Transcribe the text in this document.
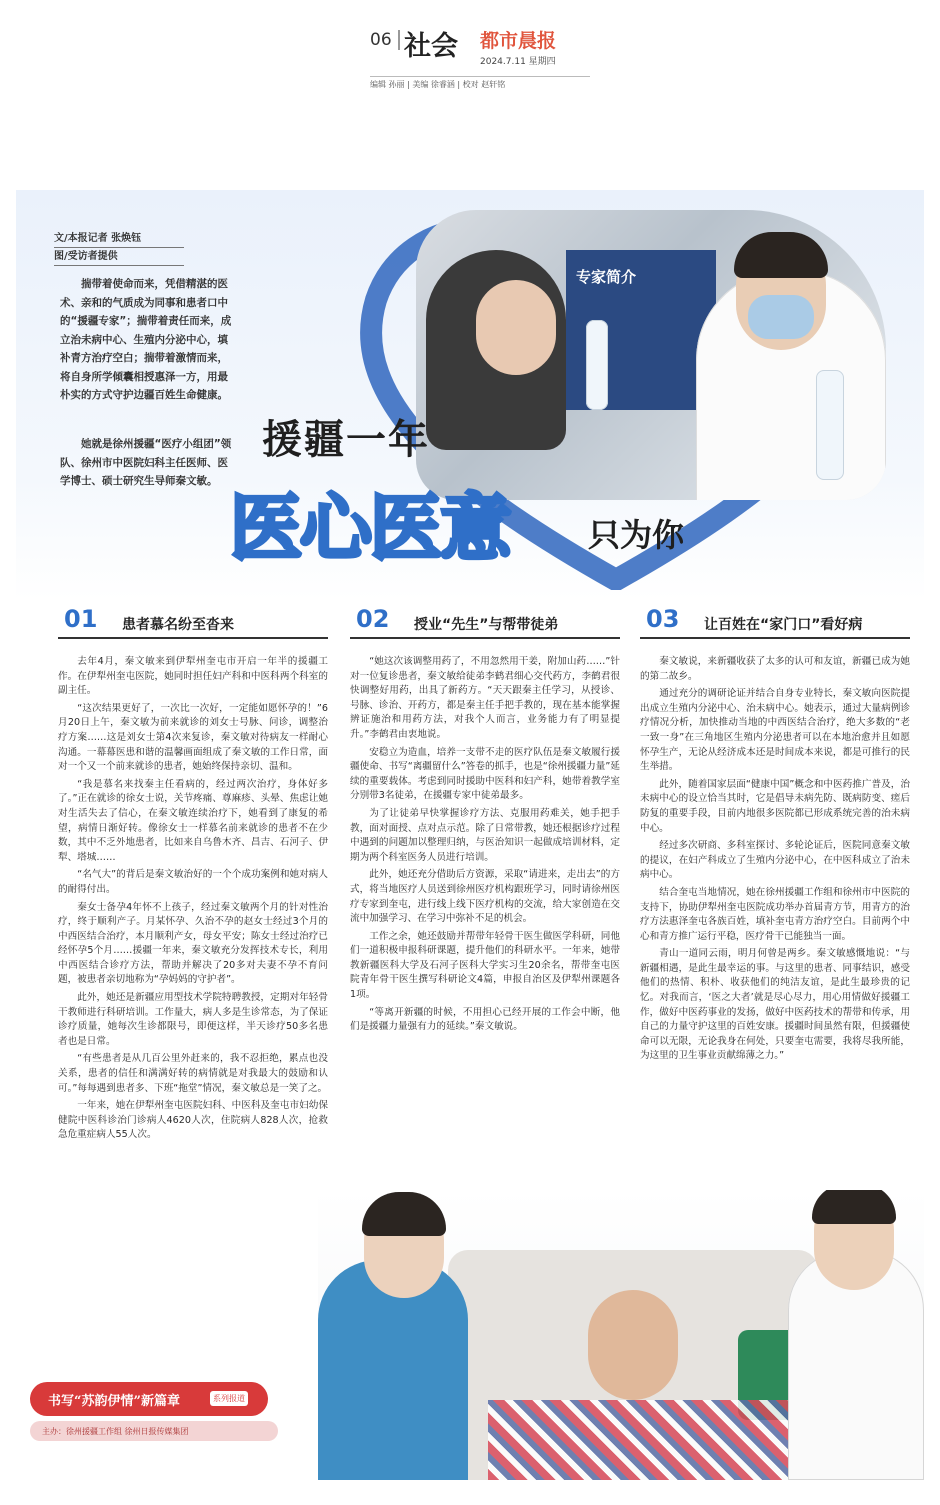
06 社会 都市晨报
2024.7.11 星期四
编辑 孙丽 | 美编 徐睿涵 | 校对 赵轩铭
专家简介
文/本报记者 张焕钰
图/受访者提供

揣带着使命而来，凭借精湛的医术、亲和的气质成为同事和患者口中的“援疆专家”；揣带着责任而来，成立治未病中心、生殖内分泌中心，填补青方治疗空白；揣带着激情而来，将自身所学倾囊相授惠泽一方，用最朴实的方式守护边疆百姓生命健康。

她就是徐州援疆“医疗小组团”领队、徐州市中医院妇科主任医师、医学博士、硕士研究生导师秦文敏。

援疆一年
医心医意 只为你
01 患者慕名纷至沓来

去年4月，秦文敏来到伊犁州奎屯市开启一年半的援疆工作。在伊犁州奎屯医院，她同时担任妇产科和中医科两个科室的副主任。

“这次结果更好了，一次比一次好，一定能如愿怀孕的！”6月20日上午，秦文敏为前来就诊的刘女士号脉、问诊，调整治疗方案……这是刘女士第4次来复诊，秦文敏对待病友一样耐心沟通。一幕幕医患和谐的温馨画面组成了秦文敏的工作日常，面对一个又一个前来就诊的患者，她始终保持亲切、温和。

“我是慕名来找秦主任看病的，经过两次治疗，身体好多了。”正在就诊的徐女士说，关节疼痛、尊麻疹、头晕、焦虑让她对生活失去了信心，在秦文敏连续治疗下，她看到了康复的希望，病情日渐好转。像徐女士一样慕名前来就诊的患者不在少数，其中不乏外地患者，比如来自乌鲁木齐、昌吉、石河子、伊犁、塔城……

“名气大”的背后是秦文敏治好的一个个成功案例和她对病人的耐得付出。

秦女士备孕4年怀不上孩子，经过秦文敏两个月的针对性治疗，终于顺利产子。月某怀孕、久治不孕的赵女士经过3个月的中西医结合治疗，本月顺利产女，母女平安；陈女士经过治疗已经怀孕5个月……援疆一年来，秦文敏充分发挥技术专长，利用中西医结合诊疗方法，帮助并解决了20多对夫妻不孕不育问题，被患者亲切地称为“孕妈妈的守护者”。

此外，她还是新疆应用型技术学院特聘教授，定期对年轻骨干教师进行科研培训。工作量大，病人多是生诊常态，为了保证诊疗质量，她每次生诊都限号，即便这样，半天诊疗50多名患者也是日常。

“有些患者是从几百公里外赶来的，我不忍拒绝，累点也没关系，患者的信任和满满好转的病情就是对我最大的鼓励和认可。”每每遇到患者多、下班“拖堂”情况，秦文敏总是一笑了之。

一年来，她在伊犁州奎屯医院妇科、中医科及奎屯市妇幼保健院中医科诊治门诊病人4620人次，住院病人828人次，抢救急危重症病人55人次。

02 授业“先生”与帮带徒弟

“她这次该调整用药了，不用忽然用干姜，附加山药……”针对一位复诊患者，秦文敏给徒弟李鹤君细心交代药方，李鹤君很快调整好用药，出具了新药方。“天天跟秦主任学习，从授诊、号脉、诊治、开药方，都是秦主任手把手教的，现在基本能掌握辨证施治和用药方法，对我个人而言，业务能力有了明显提升。”李鹤君由衷地说。

安稳立为造血，培养一支带不走的医疗队伍是秦文敏履行援疆使命、书写“离疆留什么”答卷的抓手，也是“徐州援疆力量”延续的重要载体。考虑到同时援助中医科和妇产科，她带着教学室分别带3名徒弟，在援疆专家中徒弟最多。

为了让徒弟早快掌握诊疗方法、克服用药难关，她手把手教，面对面授、点对点示范。除了日常带教，她还根据诊疗过程中遇到的问题加以整理归纳，与医治知识一起做成培训材料，定期为两个科室医务人员进行培训。

此外，她还充分借助后方资源，采取“请进来，走出去”的方式，将当地医疗人员送到徐州医疗机构跟班学习，同时请徐州医疗专家到奎屯，进行线上线下医疗机构的交流，给大家创造在交流中加强学习、在学习中弥补不足的机会。

工作之余，她还鼓励并帮带年轻骨干医生做医学科研，同他们一道积极申报科研课题，提升他们的科研水平。一年来，她带教新疆医科大学及石河子医科大学实习生20余名，帮带奎屯医院青年骨干医生撰写科研论文4篇，申报自治区及伊犁州课题各1项。

“等离开新疆的时候，不用担心已经开展的工作会中断，他们是援疆力量强有力的延续。”秦文敏说。

03 让百姓在“家门口”看好病

秦文敏说，来新疆收获了太多的认可和友谊，新疆已成为她的第二故乡。

通过充分的调研论证并结合自身专业特长，秦文敏向医院提出成立生殖内分泌中心、治未病中心。她表示，通过大量病例诊疗情况分析，加快推动当地的中西医结合治疗，绝大多数的“老一致一身”在三角地区生殖内分泌患者可以在本地治愈并且如愿怀孕生产，无论从经济成本还是时间成本来说，都是可推行的民生举措。

此外，随着国家层面“健康中国”概念和中医药推广普及，治未病中心的设立恰当其时，它是倡导未病先防、既病防变、瘥后防复的重要手段，目前内地很多医院都已形成系统完善的治未病中心。

经过多次研商、多科室探讨、多轮论证后，医院同意秦文敏的提议，在妇产科成立了生殖内分泌中心，在中医科成立了治未病中心。

结合奎屯当地情况，她在徐州援疆工作组和徐州市中医院的支持下，协助伊犁州奎屯医院成功举办首届青方节，用青方的治疗方法惠泽奎屯各族百姓，填补奎屯青方治疗空白。目前两个中心和青方推广运行平稳，医疗骨干已能独当一面。

青山一道同云雨，明月何曾是两乡。秦文敏感慨地说：“与新疆相遇，是此生最幸运的事。与这里的患者、同事结识，感受他们的热情、积朴、收获他们的纯洁友谊，是此生最珍贵的记忆。对我而言，‘医之大者’就是尽心尽力，用心用情做好援疆工作，做好中医药事业的发扬，做好中医药技术的帮带和传承，用自己的力量守护这里的百姓安康。援疆时间虽然有限，但援疆使命可以无限，无论我身在何处，只要奎屯需要，我将尽我所能，为这里的卫生事业贡献绵薄之力。”

书写“苏韵伊情”新篇章	系列报道
主办：徐州援疆工作组 徐州日报传媒集团
